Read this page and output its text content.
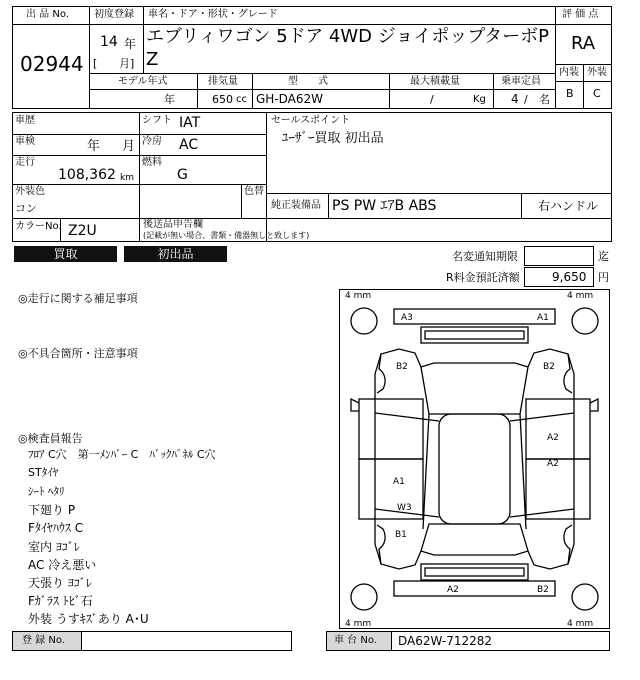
出 品 No.
02944
初度登録
14 年
[ 月]
車名・ドア・形状・グレード
エブリィワゴン 5ドア 4WD ジョイポップターボP
Z
モデル年式
年
排気量
650 cc
型　　式
GH-DA62W
最大積載量
/	Kg
乗車定員
4 / 名
評 価 点
RA
内装 外装
B C
車歴	シフト IAT
車検	年 月 冷房 AC
走行
108,362 km
燃料
G
外装色
コン
色替
カラーNo. Z2U	後送品申告欄
(記載が無い場合、書類・備器無しと致します)
セールスポイント
ﾕｰｻﾞｰ買取 初出品
純正装備品 PS PW ｴｱB ABS	右ハンドル
買取	初出品	名変通知期限	迄
R料金預託済額	9,650 円
◎走行に関する補足事項
◎不具合箇所・注意事項
◎検査員報告
ﾌﾛｱ C穴　第一ﾒﾝﾊﾞｰ C　ﾊﾞｯｸﾊﾟﾈﾙ C穴
STﾀｲﾔ
ｼｰﾄ ﾍﾀﾘ
下廻り P
Fﾀｲﾔﾊｳｽ C
室内 ﾖｺﾞﾚ
AC 冷え悪い
天張り ﾖｺﾞﾚ
Fｶﾞﾗｽ ﾄﾋﾞ石
外装 うすｷｽﾞあり A･U
4 mm	4 mm
4 mm	4 mm
A3	A1
B2	B2
A2
A2
A1
W3
B1
A2	B2
登 録 No.	車 台 No. DA62W-712282
